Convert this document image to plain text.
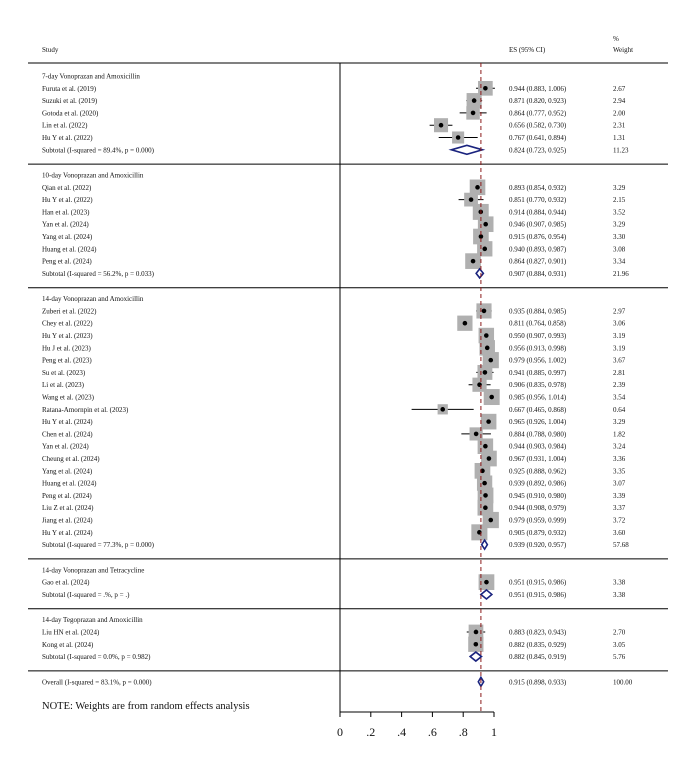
Study	ES (95% CI)
%
Weight
7-day Vonoprazan and Amoxicillin
Furuta et al. (2019)	0.944 (0.883, 1.006)	2.67
Suzuki et al. (2019)	0.871 (0.820, 0.923)	2.94
Gotoda et al. (2020)	0.864 (0.777, 0.952)	2.00
Lin et al. (2022)	0.656 (0.582, 0.730)	2.31
Hu Y et al. (2022)	0.767 (0.641, 0.894)	1.31
Subtotal (I-squared = 89.4%, p = 0.000)	0.824 (0.723, 0.925)	11.23
10-day Vonoprazan and Amoxicillin
Qian et al. (2022)	0.893 (0.854, 0.932)	3.29
Hu Y et al. (2022)	0.851 (0.770, 0.932)	2.15
Han et al. (2023)	0.914 (0.884, 0.944)	3.52
Yan et al. (2024)	0.946 (0.907, 0.985)	3.29
Yang et al. (2024)	0.915 (0.876, 0.954)	3.30
Huang et al. (2024)	0.940 (0.893, 0.987)	3.08
Peng et al. (2024)	0.864 (0.827, 0.901)	3.34
Subtotal (I-squared = 56.2%, p = 0.033)	0.907 (0.884, 0.931)	21.96
14-day Vonoprazan and Amoxicillin
Zuberi et al. (2022)	0.935 (0.884, 0.985)	2.97
Chey et al. (2022)	0.811 (0.764, 0.858)	3.06
Hu Y et al. (2023)	0.950 (0.907, 0.993)	3.19
Hu J et al. (2023)	0.956 (0.913, 0.998)	3.19
Peng et al. (2023)	0.979 (0.956, 1.002)	3.67
Su et al. (2023)	0.941 (0.885, 0.997)	2.81
Li et al. (2023)	0.906 (0.835, 0.978)	2.39
Wang et al. (2023)	0.985 (0.956, 1.014)	3.54
Ratana-Amornpin et al. (2023)	0.667 (0.465, 0.868)	0.64
Hu Y et al. (2024)	0.965 (0.926, 1.004)	3.29
Chen et al. (2024)	0.884 (0.788, 0.980)	1.82
Yan et al. (2024)	0.944 (0.903, 0.984)	3.24
Cheung et al. (2024)	0.967 (0.931, 1.004)	3.36
Yang et al. (2024)	0.925 (0.888, 0.962)	3.35
Huang et al. (2024)	0.939 (0.892, 0.986)	3.07
Peng et al. (2024)	0.945 (0.910, 0.980)	3.39
Liu Z et al. (2024)	0.944 (0.908, 0.979)	3.37
Jiang et al. (2024)	0.979 (0.959, 0.999)	3.72
Hu Y et al. (2024)	0.905 (0.879, 0.932)	3.60
Subtotal (I-squared = 77.3%, p = 0.000)	0.939 (0.920, 0.957)	57.68
14-day Vonoprazan and Tetracycline
Gao et al. (2024)	0.951 (0.915, 0.986)	3.38
Subtotal (I-squared = .%, p = .)	0.951 (0.915, 0.986)	3.38
14-day Tegoprazan and Amoxicillin
Liu HN et al. (2024)	0.883 (0.823, 0.943)	2.70
Kong et al. (2024)	0.882 (0.835, 0.929)	3.05
Subtotal (I-squared = 0.0%, p = 0.982)	0.882 (0.845, 0.919)	5.76
Overall (I-squared = 83.1%, p = 0.000)	0.915 (0.898, 0.933)	100.00
NOTE: Weights are from random effects analysis
0 .2 .4 .6 .8 1
